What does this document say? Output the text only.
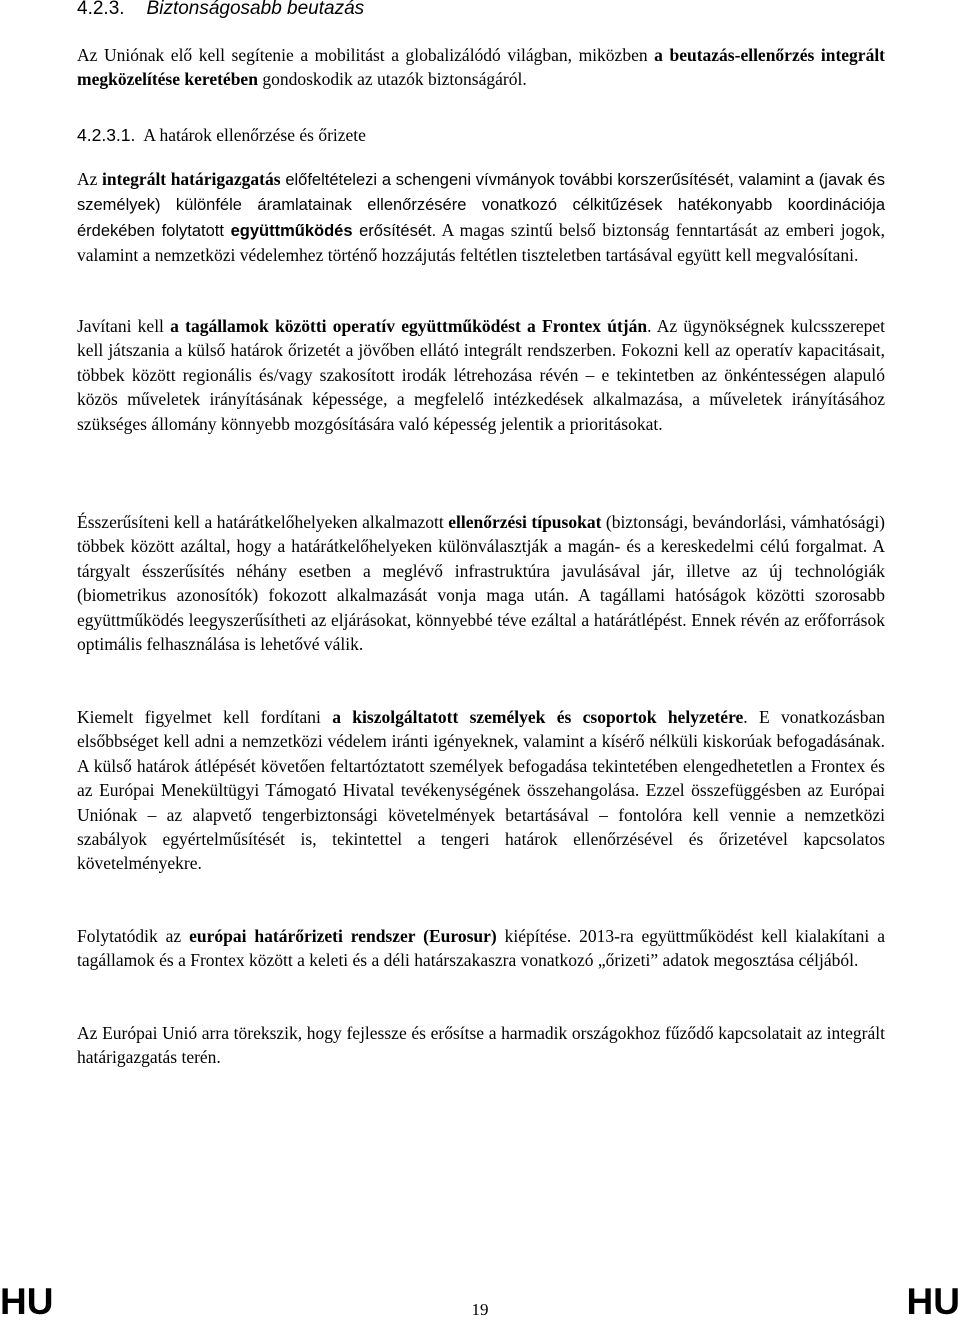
4.2.3. Biztonságosabb beutazás

Az Uniónak elő kell segítenie a mobilitást a globalizálódó világban, miközben a beutazás-ellenőrzés integrált megközelítése keretében gondoskodik az utazók biztonságáról.

4.2.3.1. A határok ellenőrzése és őrizete

Az integrált határigazgatás előfeltételezi a schengeni vívmányok további korszerűsítését, valamint a (javak és személyek) különféle áramlatainak ellenőrzésére vonatkozó célkitűzések hatékonyabb koordinációja érdekében folytatott együttműködés erősítését. A magas szintű belső biztonság fenntartását az emberi jogok, valamint a nemzetközi védelemhez történő hozzájutás feltétlen tiszteletben tartásával együtt kell megvalósítani.

Javítani kell a tagállamok közötti operatív együttműködést a Frontex útján. Az ügynökségnek kulcsszerepet kell játszania a külső határok őrizetét a jövőben ellátó integrált rendszerben. Fokozni kell az operatív kapacitásait, többek között regionális és/vagy szakosított irodák létrehozása révén – e tekintetben az önkéntességen alapuló közös műveletek irányításának képessége, a megfelelő intézkedések alkalmazása, a műveletek irányításához szükséges állomány könnyebb mozgósítására való képesség jelentik a prioritásokat.

Ésszerűsíteni kell a határátkelőhelyeken alkalmazott ellenőrzési típusokat (biztonsági, bevándorlási, vámhatósági) többek között azáltal, hogy a határátkelőhelyeken különválasztják a magán- és a kereskedelmi célú forgalmat. A tárgyalt ésszerűsítés néhány esetben a meglévő infrastruktúra javulásával jár, illetve az új technológiák (biometrikus azonosítók) fokozott alkalmazását vonja maga után. A tagállami hatóságok közötti szorosabb együttműködés leegyszerűsítheti az eljárásokat, könnyebbé téve ezáltal a határátlépést. Ennek révén az erőforrások optimális felhasználása is lehetővé válik.

Kiemelt figyelmet kell fordítani a kiszolgáltatott személyek és csoportok helyzetére. E vonatkozásban elsőbbséget kell adni a nemzetközi védelem iránti igényeknek, valamint a kísérő nélküli kiskorúak befogadásának. A külső határok átlépését követően feltartóztatott személyek befogadása tekintetében elengedhetetlen a Frontex és az Európai Menekültügyi Támogató Hivatal tevékenységének összehangolása. Ezzel összefüggésben az Európai Uniónak – az alapvető tengerbiztonsági követelmények betartásával – fontolóra kell vennie a nemzetközi szabályok egyértelműsítését is, tekintettel a tengeri határok ellenőrzésével és őrizetével kapcsolatos követelményekre.

Folytatódik az európai határőrizeti rendszer (Eurosur) kiépítése. 2013-ra együttműködést kell kialakítani a tagállamok és a Frontex között a keleti és a déli határszakaszra vonatkozó „őrizeti” adatok megosztása céljából.

Az Európai Unió arra törekszik, hogy fejlessze és erősítse a harmadik országokhoz fűződő kapcsolatait az integrált határigazgatás terén.

HU	19	HU
